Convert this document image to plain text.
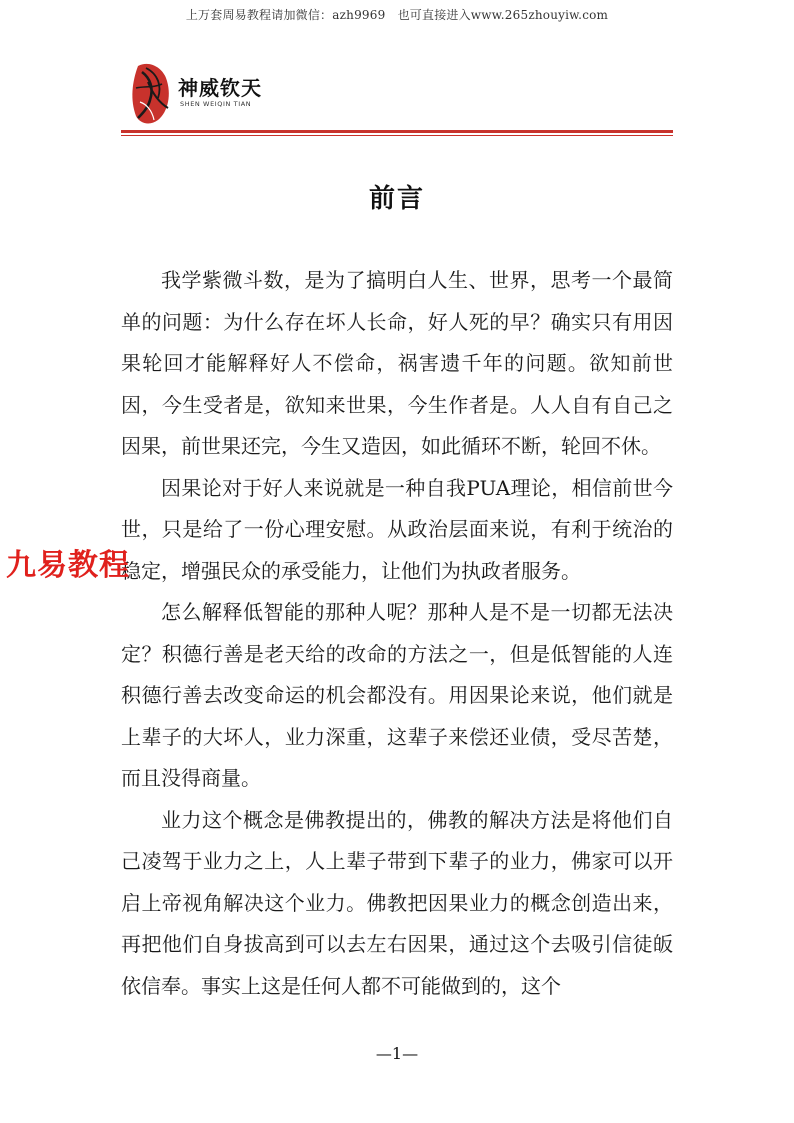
上万套周易教程请加微信：azh9969　也可直接进入www.265zhouyiw.com
神威钦天
SHEN WEIQIN TIAN
前言

我学紫微斗数，是为了搞明白人生、世界，思考一个最简单的问题：为什么存在坏人长命，好人死的早？确实只有用因果轮回才能解释好人不偿命，祸害遗千年的问题。欲知前世因，今生受者是，欲知来世果，今生作者是。人人自有自己之因果，前世果还完，今生又造因，如此循环不断，轮回不休。

因果论对于好人来说就是一种自我PUA理论，相信前世今世，只是给了一份心理安慰。从政治层面来说，有利于统治的稳定，增强民众的承受能力，让他们为执政者服务。

怎么解释低智能的那种人呢？那种人是不是一切都无法决定？积德行善是老天给的改命的方法之一，但是低智能的人连积德行善去改变命运的机会都没有。用因果论来说，他们就是上辈子的大坏人，业力深重，这辈子来偿还业债，受尽苦楚，而且没得商量。

业力这个概念是佛教提出的，佛教的解决方法是将他们自己凌驾于业力之上，人上辈子带到下辈子的业力，佛家可以开启上帝视角解决这个业力。佛教把因果业力的概念创造出来，再把他们自身拔高到可以去左右因果，通过这个去吸引信徒皈依信奉。事实上这是任何人都不可能做到的，这个

九易教程
—1—
